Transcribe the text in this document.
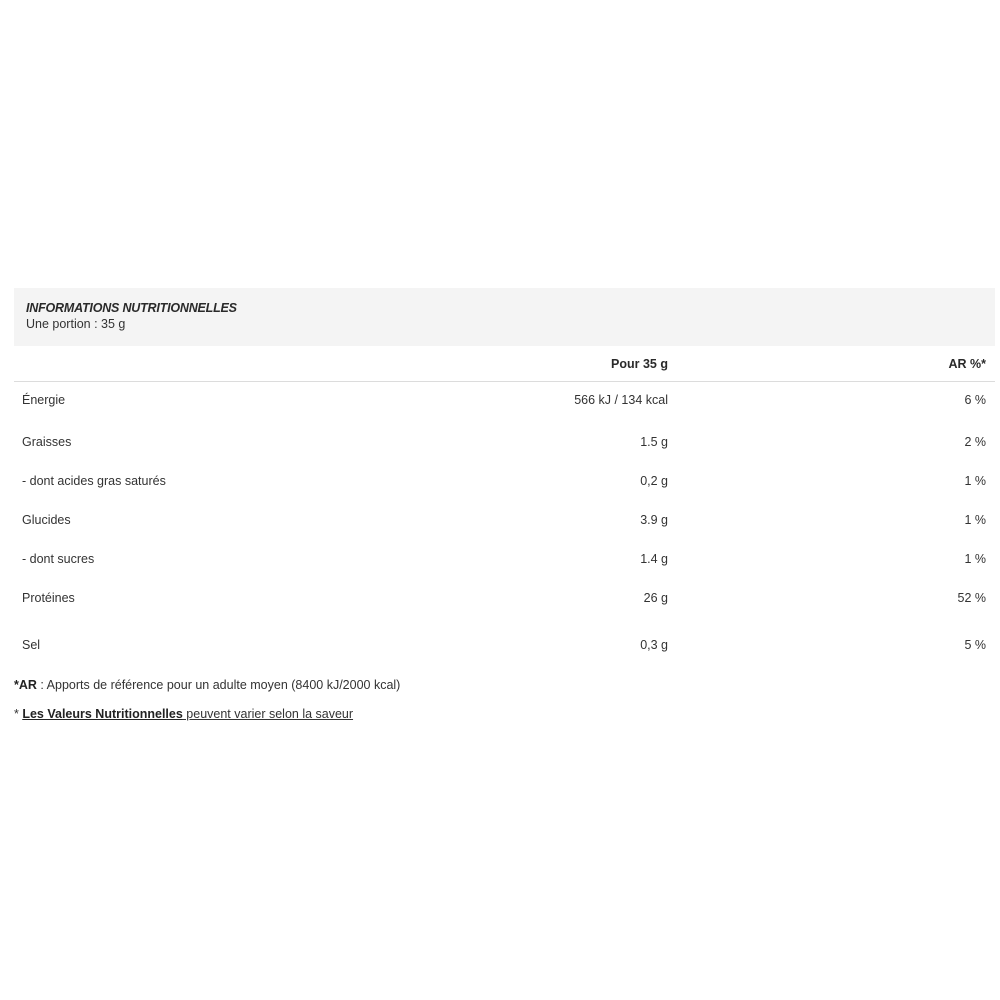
INFORMATIONS NUTRITIONNELLES
Une portion : 35 g
	Pour 35 g	AR %*
Énergie	566 kJ / 134 kcal	6 %
Graisses	1.5 g	2 %
- dont acides gras saturés	0,2 g	1 %
Glucides	3.9 g	1 %
- dont sucres	1.4 g	1 %
Protéines	26 g	52 %
Sel	0,3 g	5 %
*AR : Apports de référence pour un adulte moyen (8400 kJ/2000 kcal)
* Les Valeurs Nutritionnelles peuvent varier selon la saveur
